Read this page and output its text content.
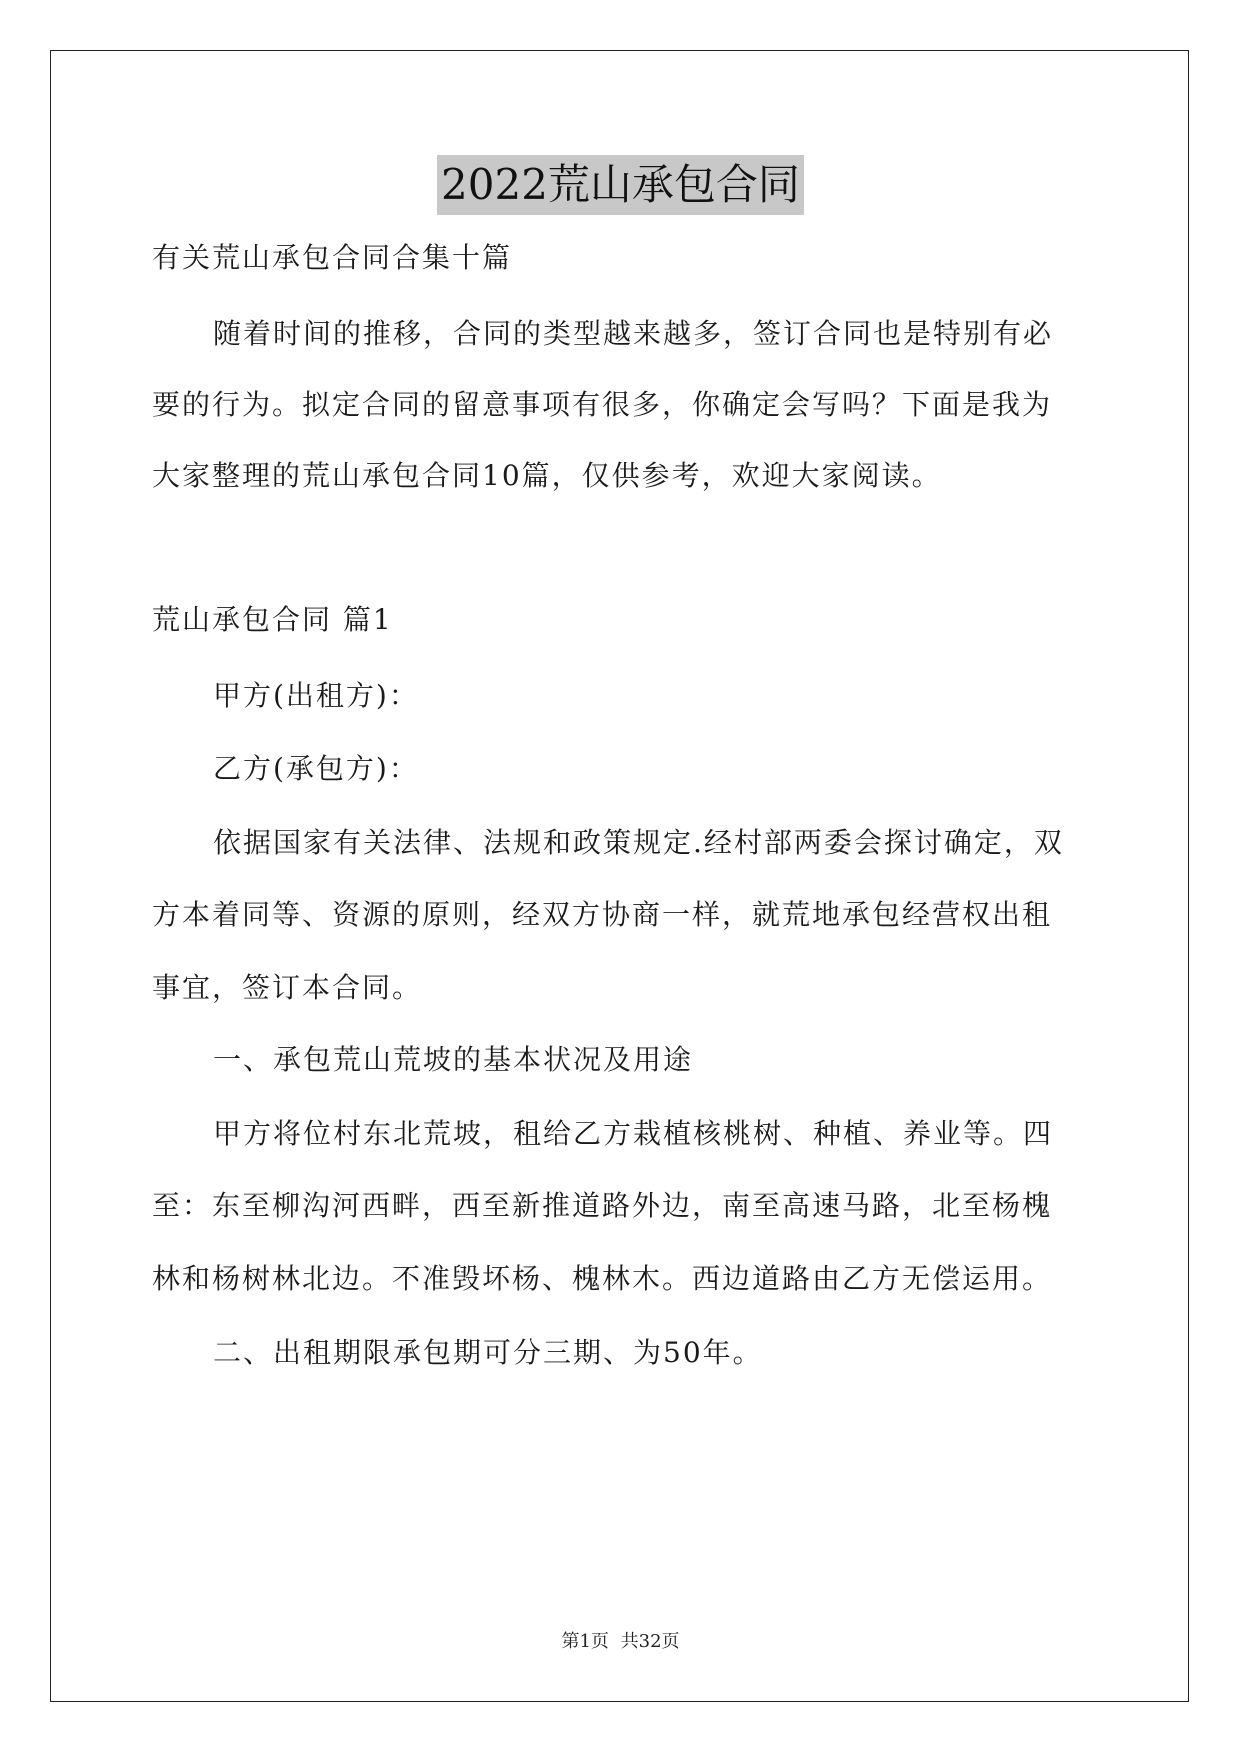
2022荒山承包合同
有关荒山承包合同合集十篇
随着时间的推移，合同的类型越来越多，签订合同也是特别有必
要的行为。拟定合同的留意事项有很多，你确定会写吗？下面是我为
大家整理的荒山承包合同10篇，仅供参考，欢迎大家阅读。
荒山承包合同 篇1
甲方(出租方)：
乙方(承包方)：
依据国家有关法律、法规和政策规定.经村部两委会探讨确定，双
方本着同等、资源的原则，经双方协商一样，就荒地承包经营权出租
事宜，签订本合同。
一、承包荒山荒坡的基本状况及用途
甲方将位村东北荒坡，租给乙方栽植核桃树、种植、养业等。四
至：东至柳沟河西畔，西至新推道路外边，南至高速马路，北至杨槐
林和杨树林北边。不准毁坏杨、槐林木。西边道路由乙方无偿运用。
二、出租期限承包期可分三期、为50年。
第1页 共32页
